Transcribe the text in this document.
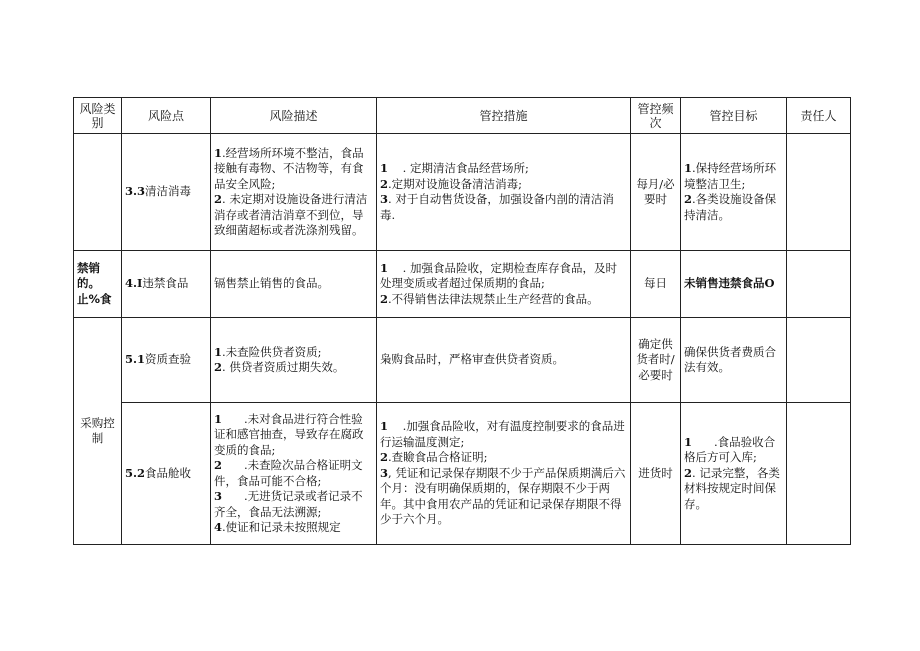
风险类别	风险点	风险描述	管控措施	管控频次	管控目标	责任人
	3.3清洁消毒	1.经营场所环境不整洁，食品接触有毒物、不洁物等，有食品安全风险;
2. 未定期对设施设备进行清洁消存或者清洁消章不到位，导致细菌超标或者洗涤剂残留。	1    . 定期清洁食品经营场所;
2.定期对设施设备清洁消毒;
3. 对于自动售货设备，加强设备内剖的清洁消毒.	每月/必要时	1.保持经营场所环境整洁卫生;
2.各类设施设备保持清洁。	

禁销的。止%食	4.I违禁食品	镉售禁止销售的食品。	1    . 加强食品险收，定期检查库存食品，及时处理变质或者超过保质期的食品;
2.不得销售法律法规禁止生产经营的食品。	每日	未销售违禁食品O	

采购控制	5.1资质查验	1.未查险供贷者资质;
2. 供贷者资质过期失效。	枭购食品时，严格审查供贷者资质。	确定供货者时/必要时	确保供货者费质合法有效。	

	5.2食品舱收	1      .未对食品进行符合性验证和感官抽查，导致存在腐政变质的食品;
2      .未查险次品合格证明文件，食品可能不合格;
3      .无进货记录或者记录不齐全，食品无法溯源;
4.使证和记录未按照规定	1    .加强食品险收，对有温度控制要求的食品进行运输温度测定;
2.查瞼食品合格证明;
3, 凭证和记录保存期限不少于产品保质期满后六个月：没有明确保质期的，保存期限不少于两年。其中食用农产品的凭证和记录保存期限不得少于六个月。	进货时	1      .食品验收合格后方可入库;
2. 记录完整，各类材料按规定时间保存。	
